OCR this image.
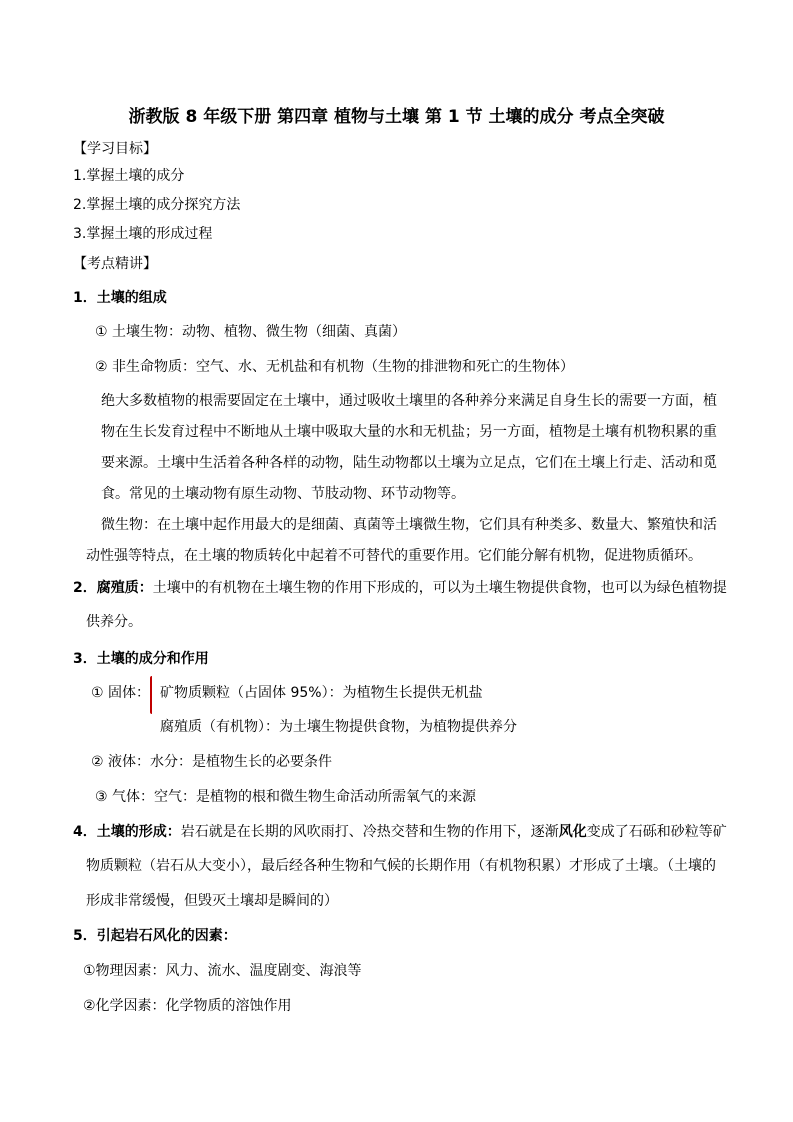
浙教版 8 年级下册 第四章 植物与土壤 第 1 节 土壤的成分 考点全突破
【学习目标】
1.掌握土壤的成分
2.掌握土壤的成分探究方法
3.掌握土壤的形成过程
【考点精讲】
1．土壤的组成
① 土壤生物：动物、植物、微生物（细菌、真菌）
② 非生命物质：空气、水、无机盐和有机物（生物的排泄物和死亡的生物体）
绝大多数植物的根需要固定在土壤中，通过吸收土壤里的各种养分来满足自身生长的需要一方面，植
物在生长发育过程中不断地从土壤中吸取大量的水和无机盐；另一方面，植物是土壤有机物积累的重
要来源。土壤中生活着各种各样的动物，陆生动物都以土壤为立足点，它们在土壤上行走、活动和觅
食。常见的土壤动物有原生动物、节肢动物、环节动物等。
微生物：在土壤中起作用最大的是细菌、真菌等土壤微生物，它们具有种类多、数量大、繁殖快和活
动性强等特点，在土壤的物质转化中起着不可替代的重要作用。它们能分解有机物，促进物质循环。
2．腐殖质：土壤中的有机物在土壤生物的作用下形成的，可以为土壤生物提供食物，也可以为绿色植物提
供养分。
3．土壤的成分和作用
① 固体： 矿物质颗粒（占固体 95%）：为植物生长提供无机盐
腐殖质（有机物）：为土壤生物提供食物，为植物提供养分
② 液体：水分：是植物生长的必要条件
③ 气体：空气：是植物的根和微生物生命活动所需氧气的来源
4．土壤的形成：岩石就是在长期的风吹雨打、冷热交替和生物的作用下，逐渐风化变成了石砾和砂粒等矿
物质颗粒（岩石从大变小），最后经各种生物和气候的长期作用（有机物积累）才形成了土壤。（土壤的
形成非常缓慢，但毁灭土壤却是瞬间的）
5．引起岩石风化的因素：
①物理因素：风力、流水、温度剧变、海浪等
②化学因素：化学物质的溶蚀作用
